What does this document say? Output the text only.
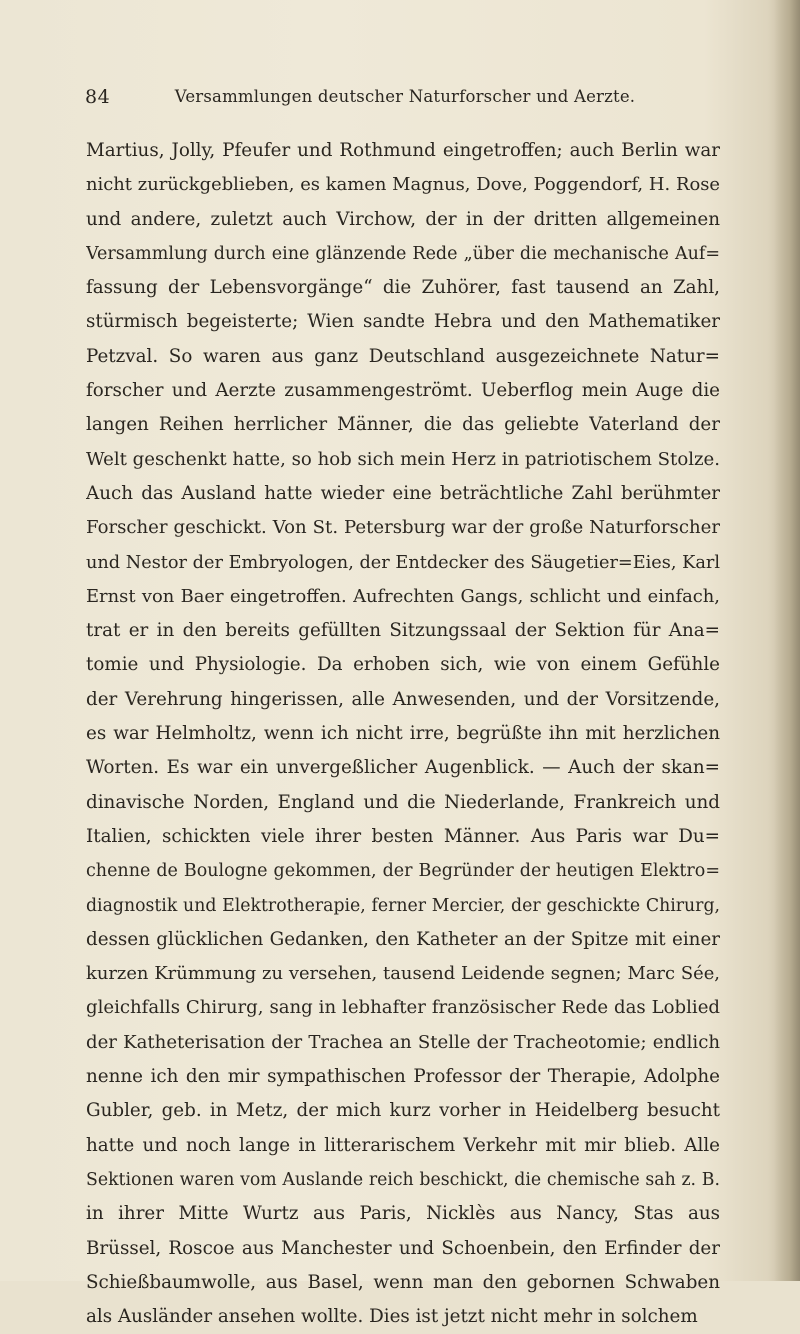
84	Versammlungen deutscher Naturforscher und Aerzte.

Martius, Jolly, Pfeufer und Rothmund eingetroffen; auch Berlin war
nicht zurückgeblieben, es kamen Magnus, Dove, Poggendorf, H. Rose
und andere, zuletzt auch Virchow, der in der dritten allgemeinen
Versammlung durch eine glänzende Rede „über die mechanische Auf=
fassung der Lebensvorgänge“ die Zuhörer, fast tausend an Zahl,
stürmisch begeisterte; Wien sandte Hebra und den Mathematiker
Petzval. So waren aus ganz Deutschland ausgezeichnete Natur=
forscher und Aerzte zusammengeströmt. Ueberflog mein Auge die
langen Reihen herrlicher Männer, die das geliebte Vaterland der
Welt geschenkt hatte, so hob sich mein Herz in patriotischem Stolze.
Auch das Ausland hatte wieder eine beträchtliche Zahl berühmter
Forscher geschickt. Von St. Petersburg war der große Naturforscher
und Nestor der Embryologen, der Entdecker des Säugetier=Eies, Karl
Ernst von Baer eingetroffen. Aufrechten Gangs, schlicht und einfach,
trat er in den bereits gefüllten Sitzungssaal der Sektion für Ana=
tomie und Physiologie. Da erhoben sich, wie von einem Gefühle
der Verehrung hingerissen, alle Anwesenden, und der Vorsitzende,
es war Helmholtz, wenn ich nicht irre, begrüßte ihn mit herzlichen
Worten. Es war ein unvergeßlicher Augenblick. — Auch der skan=
dinavische Norden, England und die Niederlande, Frankreich und
Italien, schickten viele ihrer besten Männer. Aus Paris war Du=
chenne de Boulogne gekommen, der Begründer der heutigen Elektro=
diagnostik und Elektrotherapie, ferner Mercier, der geschickte Chirurg,
dessen glücklichen Gedanken, den Katheter an der Spitze mit einer
kurzen Krümmung zu versehen, tausend Leidende segnen; Marc Sée,
gleichfalls Chirurg, sang in lebhafter französischer Rede das Loblied
der Katheterisation der Trachea an Stelle der Tracheotomie; endlich
nenne ich den mir sympathischen Professor der Therapie, Adolphe
Gubler, geb. in Metz, der mich kurz vorher in Heidelberg besucht
hatte und noch lange in litterarischem Verkehr mit mir blieb. Alle
Sektionen waren vom Auslande reich beschickt, die chemische sah z. B.
in ihrer Mitte Wurtz aus Paris, Nicklès aus Nancy, Stas aus
Brüssel, Roscoe aus Manchester und Schoenbein, den Erfinder der
Schießbaumwolle, aus Basel, wenn man den gebornen Schwaben
als Ausländer ansehen wollte. Dies ist jetzt nicht mehr in solchem
